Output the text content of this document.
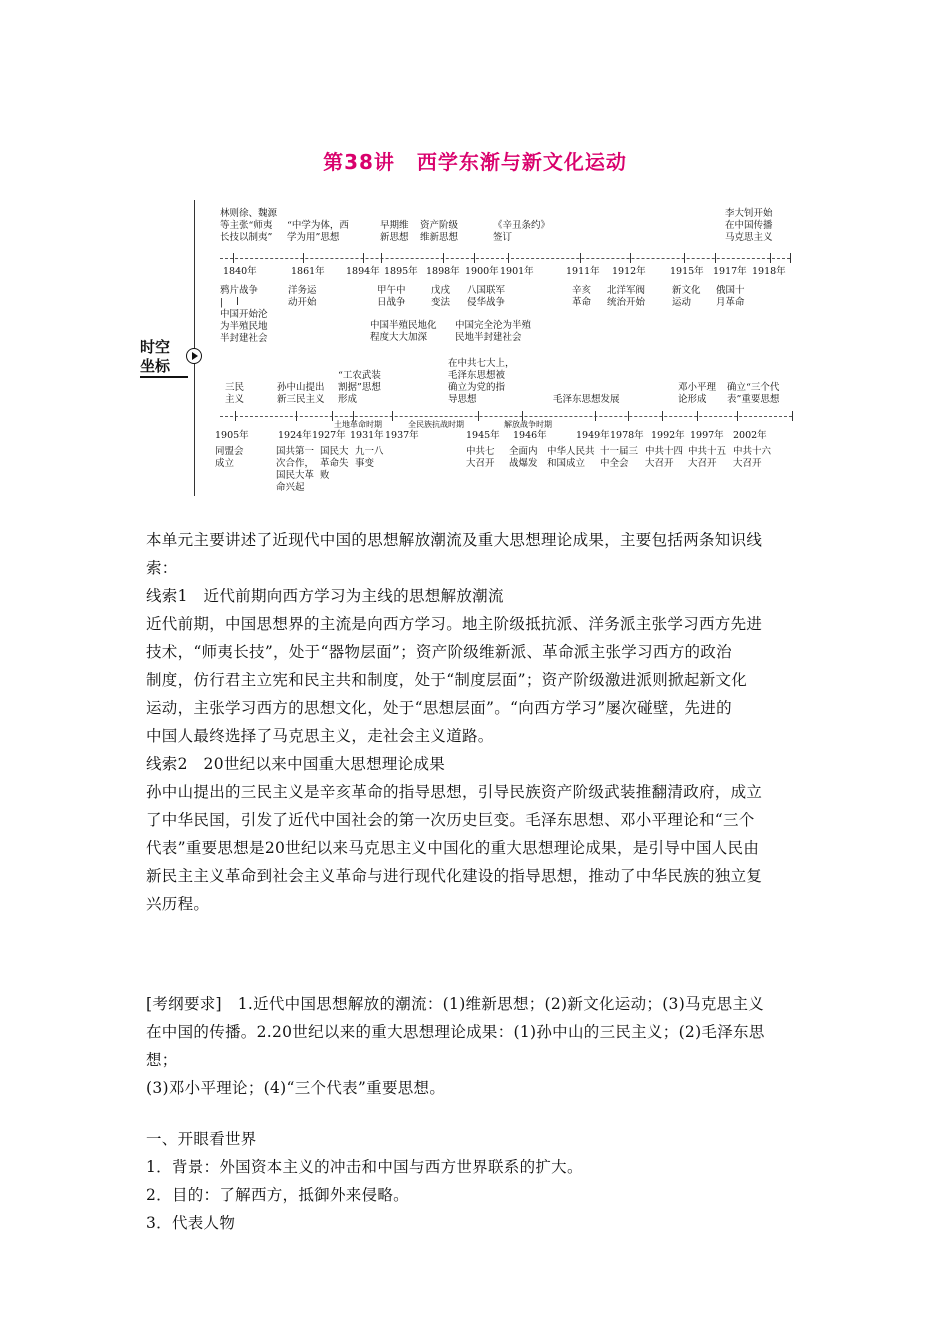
第38讲 西学东渐与新文化运动
时空
坐标
1840年	1861年 1894年 1895年 1898年 1900年 1901年	1911年 1912年	1915年 1917年 1918年
林则徐、魏源
等主张“师夷
长技以制夷”
“中学为体，西
学为用”思想
早期维
新思想
资产阶级
维新思想
《辛丑条约》
签订
李大钊开始
在中国传播
马克思主义
鸦片战争
|
中国开始沦
为半殖民地
半封建社会
洋务运
动开始
甲午中
日战争
戊戌
变法
八国联军
侵华战争
中国半殖民地化
程度大大加深
中国完全沦为半殖
民地半封建社会
辛亥
革命
北洋军阀
统治开始
新文化
运动
俄国十
月革命
1905年	1924年 1927年 1931年 1937年	1945年 1946年	1949年 1978年 1992年 1997年 2002年
土地革命时期	全民族抗战时期	解放战争时期
三民
主义
孙中山提出
新三民主义
“工农武装
割据”思想
形成
在中共七大上，
毛泽东思想被
确立为党的指
导思想	毛泽东思想发展
邓小平理
论形成
确立“三个代
表”重要思想
同盟会
成立
国共第一
次合作，
国民大革
命兴起
国民大
革命失
败
九一八
事变
中共七
大召开
全面内
战爆发
中华人民共
和国成立
十一届三
中全会
中共十四
大召开
中共十五
大召开
中共十六
大召开
本单元主要讲述了近现代中国的思想解放潮流及重大思想理论成果，主要包括两条知识线
索：
线索1　近代前期向西方学习为主线的思想解放潮流
近代前期，中国思想界的主流是向西方学习。地主阶级抵抗派、洋务派主张学习西方先进
技术，“师夷长技”，处于“器物层面”；资产阶级维新派、革命派主张学习西方的政治
制度，仿行君主立宪和民主共和制度，处于“制度层面”；资产阶级激进派则掀起新文化
运动，主张学习西方的思想文化，处于“思想层面”。“向西方学习”屡次碰壁，先进的
中国人最终选择了马克思主义，走社会主义道路。
线索2　20世纪以来中国重大思想理论成果
孙中山提出的三民主义是辛亥革命的指导思想，引导民族资产阶级武装推翻清政府，成立
了中华民国，引发了近代中国社会的第一次历史巨变。毛泽东思想、邓小平理论和“三个
代表”重要思想是20世纪以来马克思主义中国化的重大思想理论成果，是引导中国人民由
新民主主义革命到社会主义革命与进行现代化建设的指导思想，推动了中华民族的独立复
兴历程。
[考纲要求]　1.近代中国思想解放的潮流：(1)维新思想；(2)新文化运动；(3)马克思主义
在中国的传播。2.20世纪以来的重大思想理论成果：(1)孙中山的三民主义；(2)毛泽东思
想；
(3)邓小平理论；(4)“三个代表”重要思想。
一、开眼看世界
1．背景：外国资本主义的冲击和中国与西方世界联系的扩大。
2．目的：了解西方，抵御外来侵略。
3．代表人物
